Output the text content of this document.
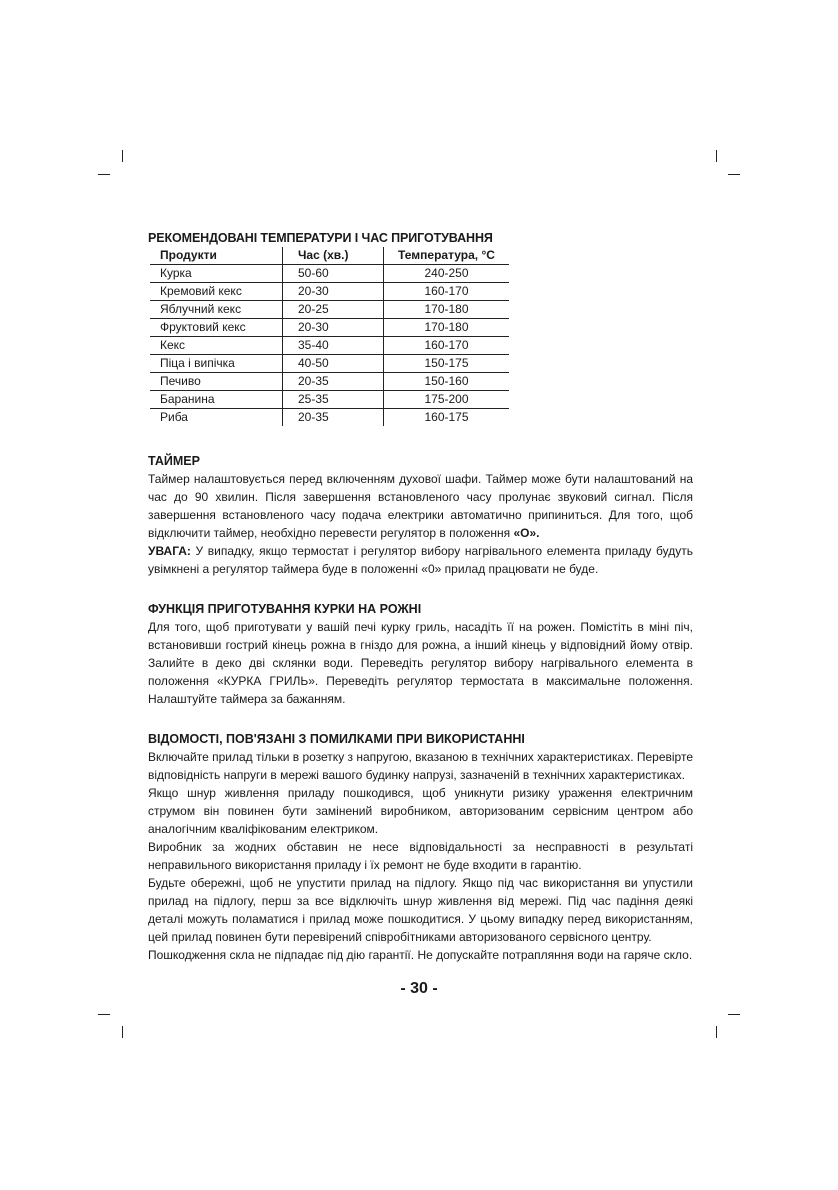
РЕКОМЕНДОВАНІ ТЕМПЕРАТУРИ І ЧАС ПРИГОТУВАННЯ
Продукти	Час (хв.)	Температура, °C
Курка	50-60	240-250
Кремовий кекс	20-30	160-170
Яблучний кекс	20-25	170-180
Фруктовий кекс	20-30	170-180
Кекс	35-40	160-170
Піца і випічка	40-50	150-175
Печиво	20-35	150-160
Баранина	25-35	175-200
Риба	20-35	160-175
ТАЙМЕР

Таймер налаштовується перед включенням духової шафи. Таймер може бути налаштований на час до 90 хвилин. Після завершення встановленого часу пролунає звуковий сигнал. Після завершення встановленого часу подача електрики автоматично припиниться. Для того, щоб відключити таймер, необхідно перевести регулятор в положення «О».

УВАГА: У випадку, якщо термостат і регулятор вибору нагрівального елемента приладу будуть увімкнені а регулятор таймера буде в положенні «0» прилад працювати не буде.

ФУНКЦІЯ ПРИГОТУВАННЯ КУРКИ НА РОЖНІ

Для того, щоб приготувати у вашій печі курку гриль, насадіть її на рожен. Помістіть в міні піч, встановивши гострий кінець рожна в гніздо для рожна, а інший кінець у відповідний йому отвір. Залийте в деко дві склянки води. Переведіть регулятор вибору нагрівального елемента в положення «КУРКА ГРИЛЬ». Переведіть регулятор термостата в максимальне положення. Налаштуйте таймера за бажанням.

ВІДОМОСТІ, ПОВ'ЯЗАНІ З ПОМИЛКАМИ ПРИ ВИКОРИСТАННІ

Включайте прилад тільки в розетку з напругою, вказаною в технічних характеристиках. Перевірте відповідність напруги в мережі вашого будинку напрузі, зазначеній в технічних характеристиках.

Якщо шнур живлення приладу пошкодився, щоб уникнути ризику ураження електричним струмом він повинен бути замінений виробником, авторизованим сервісним центром або аналогічним кваліфікованим електриком.

Виробник за жодних обставин не несе відповідальності за несправності в результаті неправильного використання приладу і їх ремонт не буде входити в гарантію.

Будьте обережні, щоб не упустити прилад на підлогу. Якщо під час використання ви упустили прилад на підлогу, перш за все відключіть шнур живлення від мережі. Під час падіння деякі деталі можуть поламатися і прилад може пошкодитися. У цьому випадку перед використанням, цей прилад повинен бути перевірений співробітниками авторизованого сервісного центру.

Пошкодження скла не підпадає під дію гарантії. Не допускайте потрапляння води на гаряче скло.

- 30 -
